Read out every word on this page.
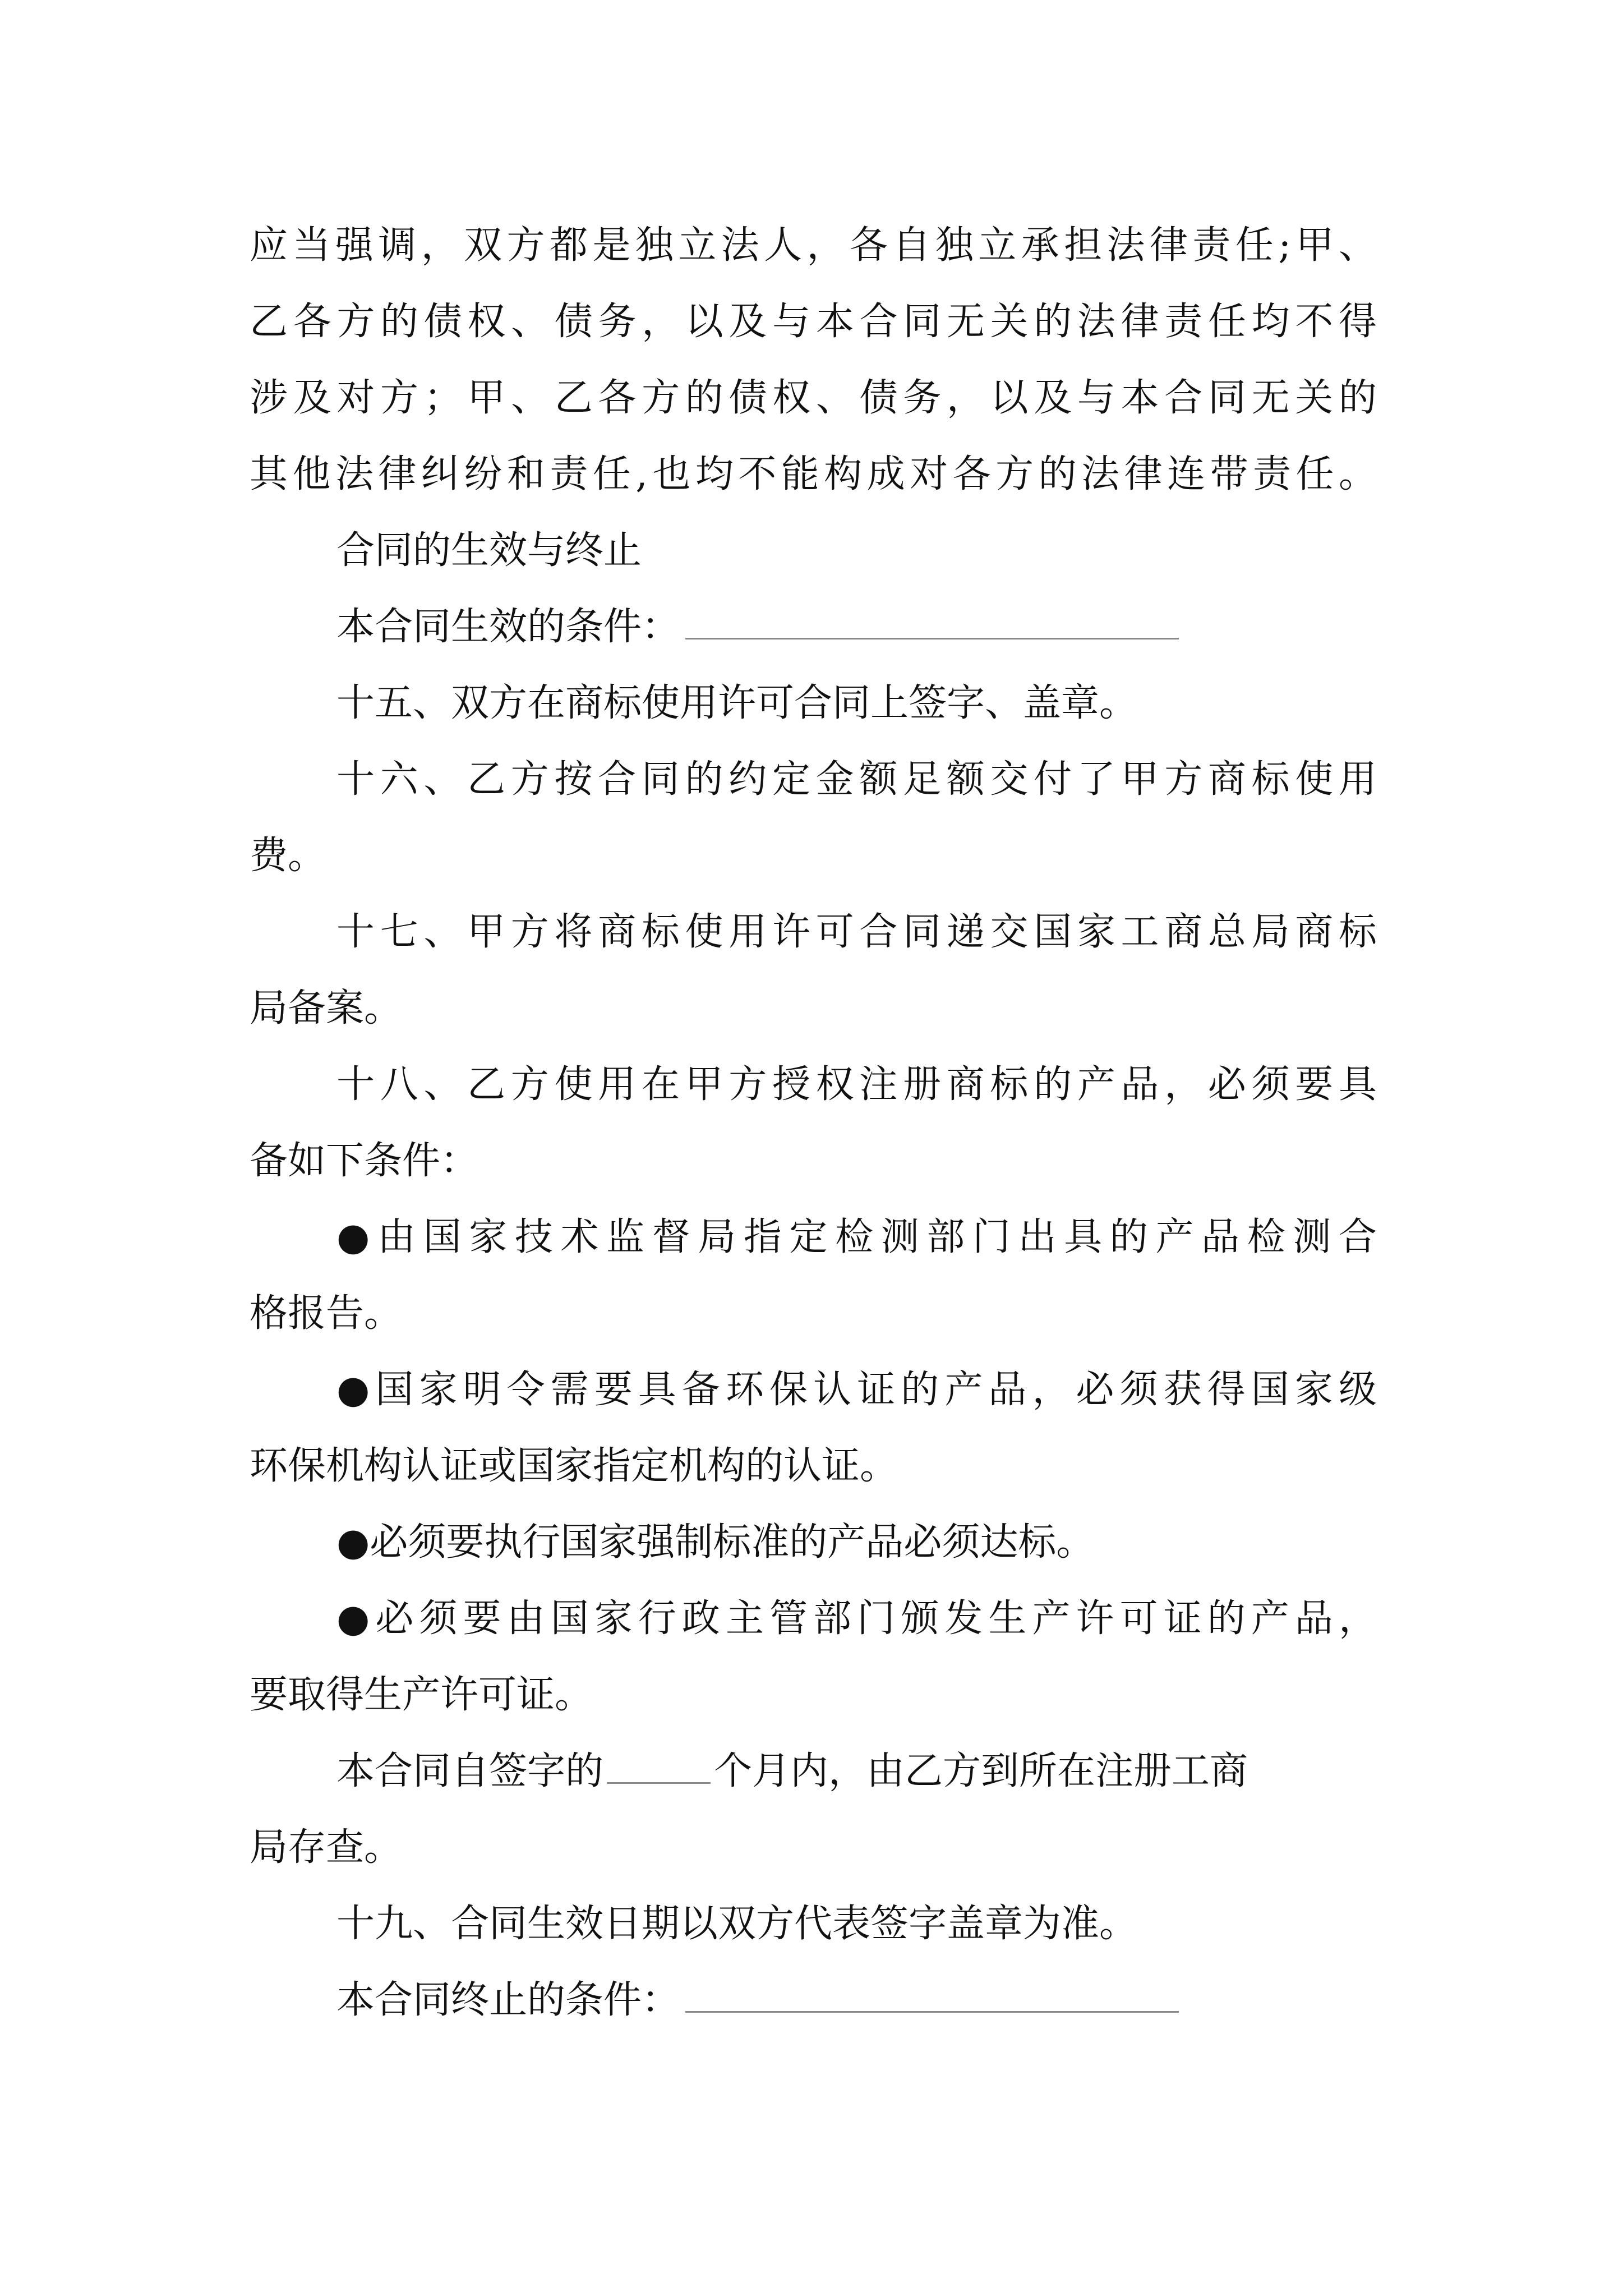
应当强调，双方都是独立法人，各自独立承担法律责任;甲、
乙各方的债权、债务，以及与本合同无关的法律责任均不得
涉及对方；甲、乙各方的债权、债务，以及与本合同无关的
其他法律纠纷和责任,也均不能构成对各方的法律连带责任。
合同的生效与终止
本合同生效的条件：
十五、双方在商标使用许可合同上签字、盖章。
十六、乙方按合同的约定金额足额交付了甲方商标使用
费。
十七、甲方将商标使用许可合同递交国家工商总局商标
局备案。
十八、乙方使用在甲方授权注册商标的产品，必须要具
备如下条件：
●由国家技术监督局指定检测部门出具的产品检测合
格报告。
●国家明令需要具备环保认证的产品，必须获得国家级
环保机构认证或国家指定机构的认证。
●必须要执行国家强制标准的产品必须达标。
●必须要由国家行政主管部门颁发生产许可证的产品，
要取得生产许可证。
本合同自签字的	个月内，由乙方到所在注册工商
局存查。
十九、合同生效日期以双方代表签字盖章为准。
本合同终止的条件：
